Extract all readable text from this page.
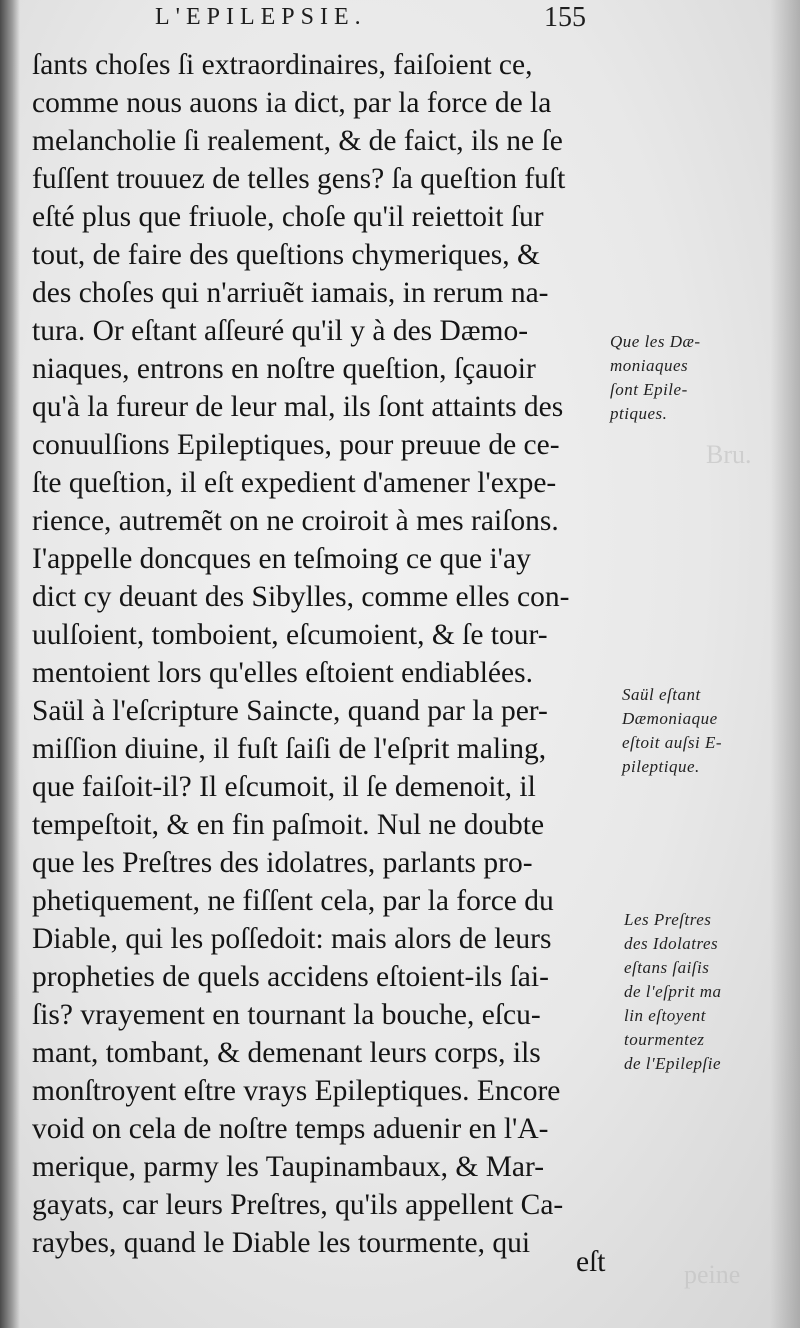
L'EPILEPSIE.	155
ſants choſes ſi extraordinaires, faiſoient ce,
comme nous auons ia dict, par la force de la
melancholie ſi realement, & de faict, ils ne ſe
fuſſent trouuez de telles gens? ſa queſtion fuſt
eſté plus que friuole, choſe qu'il reiettoit ſur
tout, de faire des queſtions chymeriques, &
des choſes qui n'arriuẽt iamais, in rerum na-
tura. Or eſtant aſſeuré qu'il y à des Dæmo-
niaques, entrons en noſtre queſtion, ſçauoir
qu'à la fureur de leur mal, ils ſont attaints des
conuulſions Epileptiques, pour preuue de ce-
ſte queſtion, il eſt expedient d'amener l'expe-
rience, autremẽt on ne croiroit à mes raiſons.
I'appelle doncques en teſmoing ce que i'ay
dict cy deuant des Sibylles, comme elles con-
uulſoient, tomboient, eſcumoient, & ſe tour-
mentoient lors qu'elles eſtoient endiablées.
Saül à l'eſcripture Saincte, quand par la per-
miſſion diuine, il fuſt ſaiſi de l'eſprit maling,
que faiſoit-il? Il eſcumoit, il ſe demenoit, il
tempeſtoit, & en fin paſmoit. Nul ne doubte
que les Preſtres des idolatres, parlants pro-
phetiquement, ne fiſſent cela, par la force du
Diable, qui les poſſedoit: mais alors de leurs
propheties de quels accidens eſtoient-ils ſai-
ſis? vrayement en tournant la bouche, eſcu-
mant, tombant, & demenant leurs corps, ils
monſtroyent eſtre vrays Epileptiques. Encore
void on cela de noſtre temps aduenir en l'A-
merique, parmy les Taupinambaux, & Mar-
gayats, car leurs Preſtres, qu'ils appellent Ca-
raybes, quand le Diable les tourmente, qui
eſt
Que les Dæ-
moniaques
ſont Epile-
ptiques.
Saül eſtant
Dæmoniaque
eſtoit auſsi E-
pileptique.
Les Preſtres
des Idolatres
eſtans ſaiſis
de l'eſprit ma
lin eſtoyent
tourmentez
de l'Epilepſie
Bru.
peine
